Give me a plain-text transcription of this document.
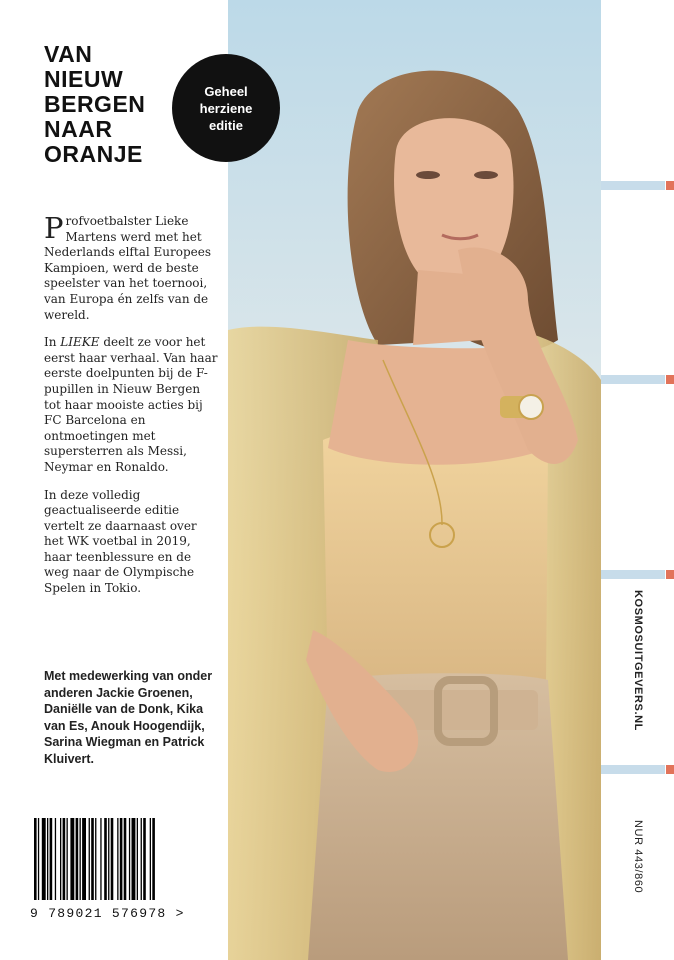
VAN
NIEUW
BERGEN
NAAR
ORANJE

Profvoetbalster Lieke Martens werd met het Nederlands elftal Europees Kampioen, werd de beste speelster van het toernooi, van Europa én zelfs van de wereld.

In LIEKE deelt ze voor het eerst haar verhaal. Van haar eerste doelpunten bij de F-pupillen in Nieuw Bergen tot haar mooiste acties bij FC Barcelona en ontmoetingen met supersterren als Messi, Neymar en Ronaldo.

In deze volledig geactualiseerde editie vertelt ze daarnaast over het WK voetbal in 2019, haar teenblessure en de weg naar de Olympische Spelen in Tokio.

Met medewerking van onder anderen Jackie Groenen, Daniëlle van de Donk, Kika van Es, Anouk Hoogendijk, Sarina Wiegman en Patrick Kluivert.
9 789021 576978 >
Geheel
herziene
editie
KOSMOSUITGEVERS.NL
NUR 443/860
